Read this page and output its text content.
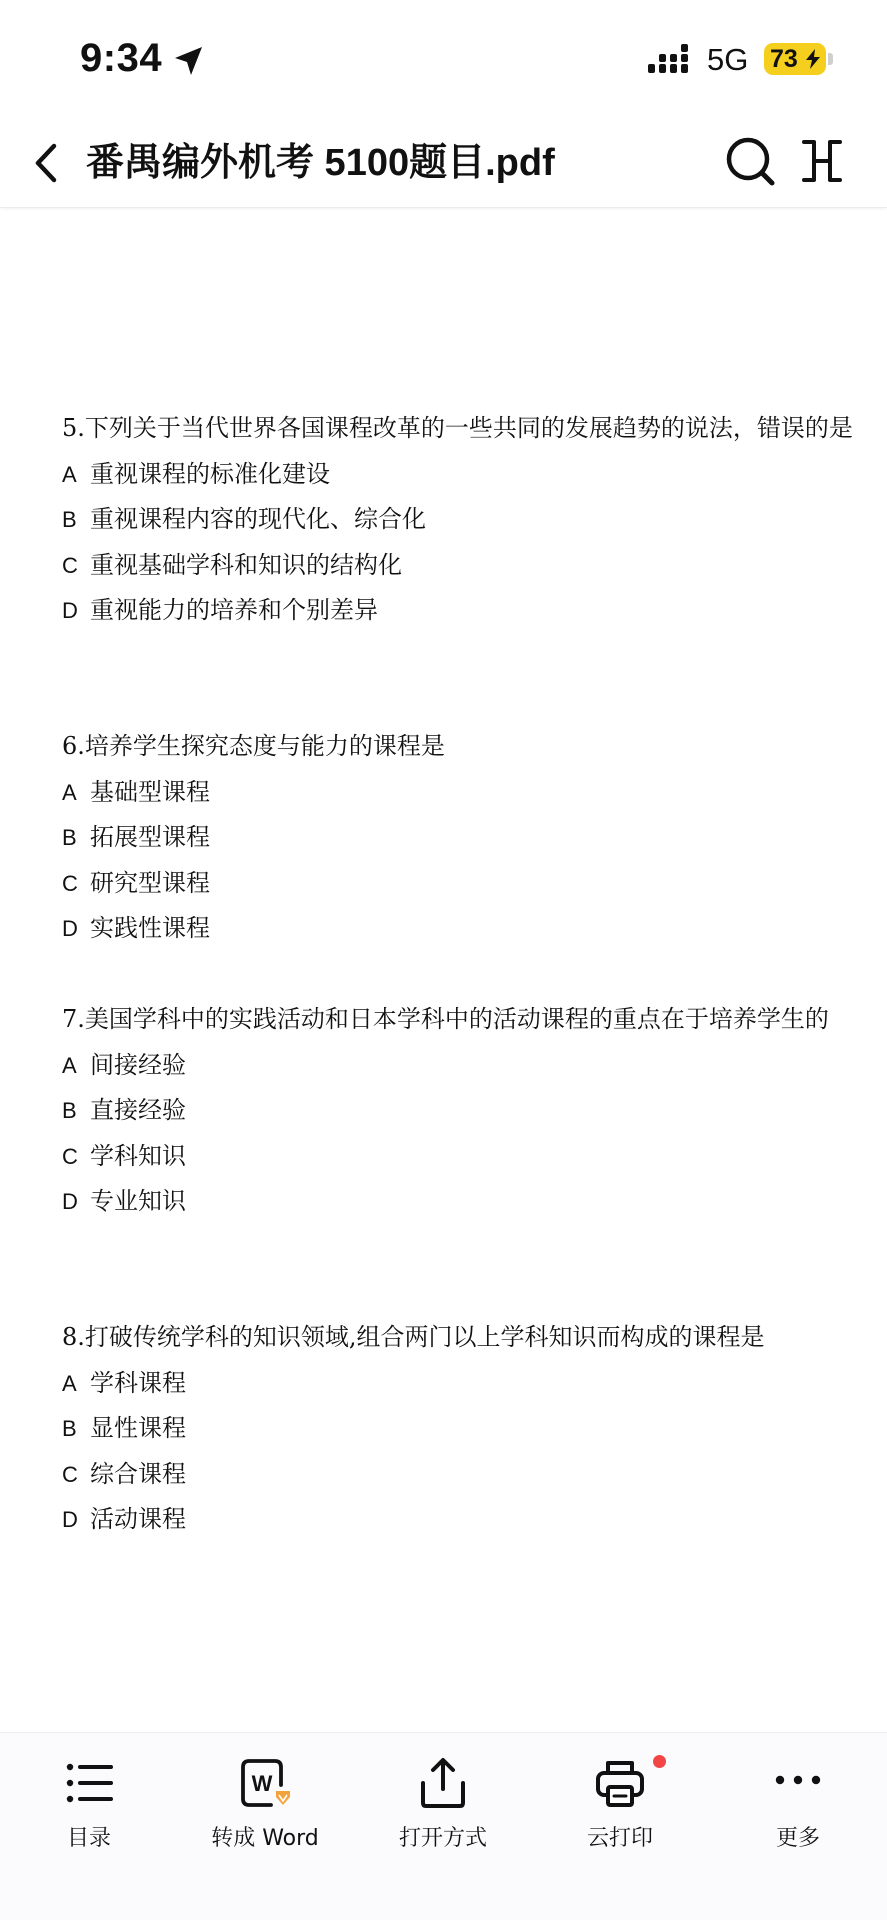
9:34	5G 73
番禺编外机考 5100题目.pdf
5.下列关于当代世界各国课程改革的一些共同的发展趋势的说法，错误的是
A 重视课程的标准化建设
B 重视课程内容的现代化、综合化
C 重视基础学科和知识的结构化
D 重视能力的培养和个别差异
6.培养学生探究态度与能力的课程是
A 基础型课程
B 拓展型课程
C 研究型课程
D 实践性课程
7.美国学科中的实践活动和日本学科中的活动课程的重点在于培养学生的
A 间接经验
B 直接经验
C 学科知识
D 专业知识
8.打破传统学科的知识领域,组合两门以上学科知识而构成的课程是
A 学科课程
B 显性课程
C 综合课程
D 活动课程
目录
W
转成 Word	打开方式	云打印	更多
